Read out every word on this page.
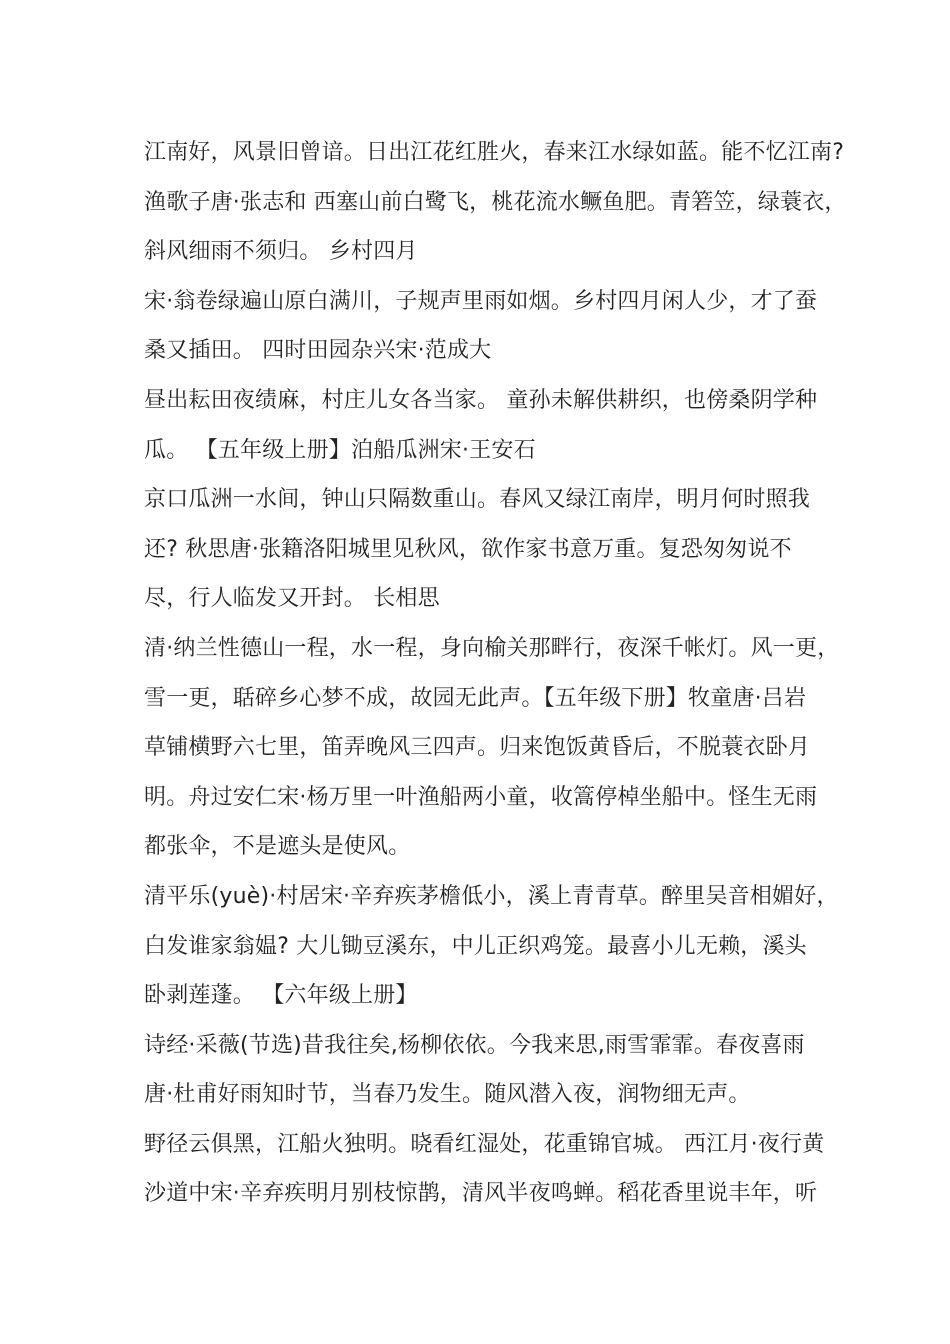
江南好，风景旧曾谙。日出江花红胜火，春来江水绿如蓝。能不忆江南?
渔歌子唐·张志和 西塞山前白鹭飞，桃花流水鳜鱼肥。青箬笠，绿蓑衣，
斜风细雨不须归。 乡村四月
宋·翁卷绿遍山原白满川，子规声里雨如烟。乡村四月闲人少，才了蚕
桑又插田。 四时田园杂兴宋·范成大
昼出耘田夜绩麻，村庄儿女各当家。 童孙未解供耕织，也傍桑阴学种
瓜。 【五年级上册】泊船瓜洲宋·王安石
京口瓜洲一水间，钟山只隔数重山。春风又绿江南岸，明月何时照我
还? 秋思唐·张籍洛阳城里见秋风，欲作家书意万重。复恐匆匆说不
尽，行人临发又开封。 长相思
清·纳兰性德山一程，水一程，身向榆关那畔行，夜深千帐灯。风一更，
雪一更，聒碎乡心梦不成，故园无此声。【五年级下册】牧童唐·吕岩
草铺横野六七里，笛弄晚风三四声。归来饱饭黄昏后，不脱蓑衣卧月
明。舟过安仁宋·杨万里一叶渔船两小童，收篙停棹坐船中。怪生无雨
都张伞，不是遮头是使风。
清平乐(yuè)·村居宋·辛弃疾茅檐低小，溪上青青草。醉里吴音相媚好，
白发谁家翁媪? 大儿锄豆溪东，中儿正织鸡笼。最喜小儿无赖，溪头
卧剥莲蓬。 【六年级上册】
诗经·采薇(节选)昔我往矣,杨柳依依。今我来思,雨雪霏霏。春夜喜雨
唐·杜甫好雨知时节，当春乃发生。随风潜入夜，润物细无声。
野径云俱黑，江船火独明。晓看红湿处，花重锦官城。 西江月·夜行黄
沙道中宋·辛弃疾明月别枝惊鹊，清风半夜鸣蝉。稻花香里说丰年，听
